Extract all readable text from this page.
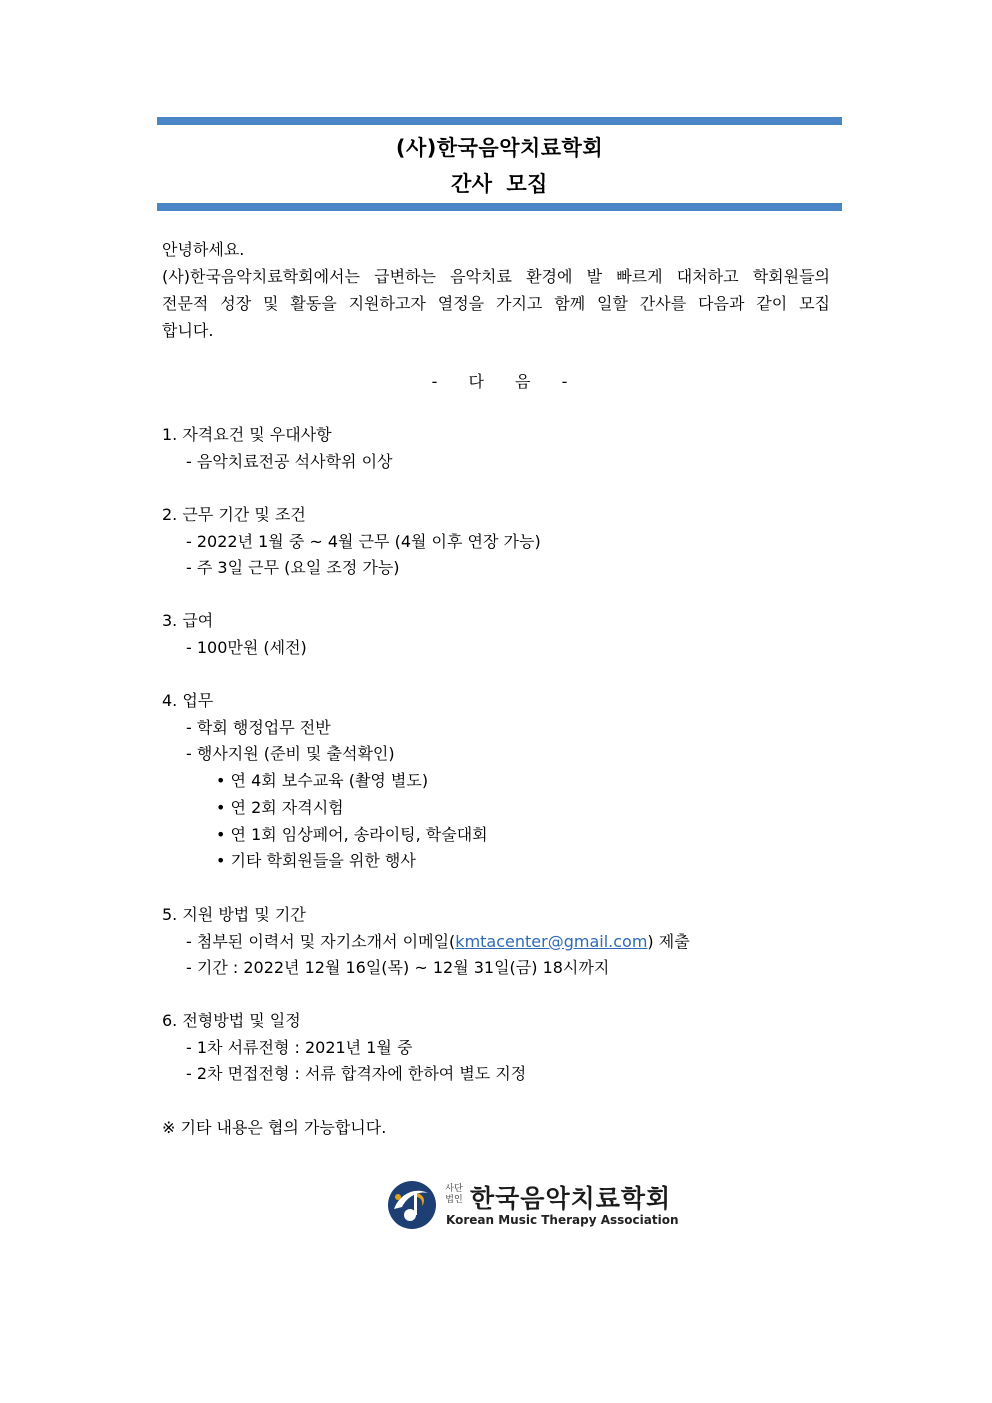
(사)한국음악치료학회
간사 모집

안녕하세요.

(사)한국음악치료학회에서는 급변하는 음악치료 환경에 발 빠르게 대처하고 학회원들의

전문적 성장 및 활동을 지원하고자 열정을 가지고 함께 일할 간사를 다음과 같이 모집

합니다.

- 다 음 -

1. 자격요건 및 우대사항

- 음악치료전공 석사학위 이상

2. 근무 기간 및 조건

- 2022년 1월 중 ~ 4월 근무 (4월 이후 연장 가능)

- 주 3일 근무 (요일 조정 가능)

3. 급여

- 100만원 (세전)

4. 업무

- 학회 행정업무 전반

- 행사지원 (준비 및 출석확인)

• 연 4회 보수교육 (촬영 별도)

• 연 2회 자격시험

• 연 1회 임상페어, 송라이팅, 학술대회

• 기타 학회원들을 위한 행사

5. 지원 방법 및 기간

- 첨부된 이력서 및 자기소개서 이메일(kmtacenter@gmail.com) 제출

- 기간 : 2022년 12월 16일(목) ~ 12월 31일(금) 18시까지

6. 전형방법 및 일정

- 1차 서류전형 : 2021년 1월 중

- 2차 면접전형 : 서류 합격자에 한하여 별도 지정

※ 기타 내용은 협의 가능합니다.

사단
법인 한국음악치료학회
Korean Music Therapy Association
